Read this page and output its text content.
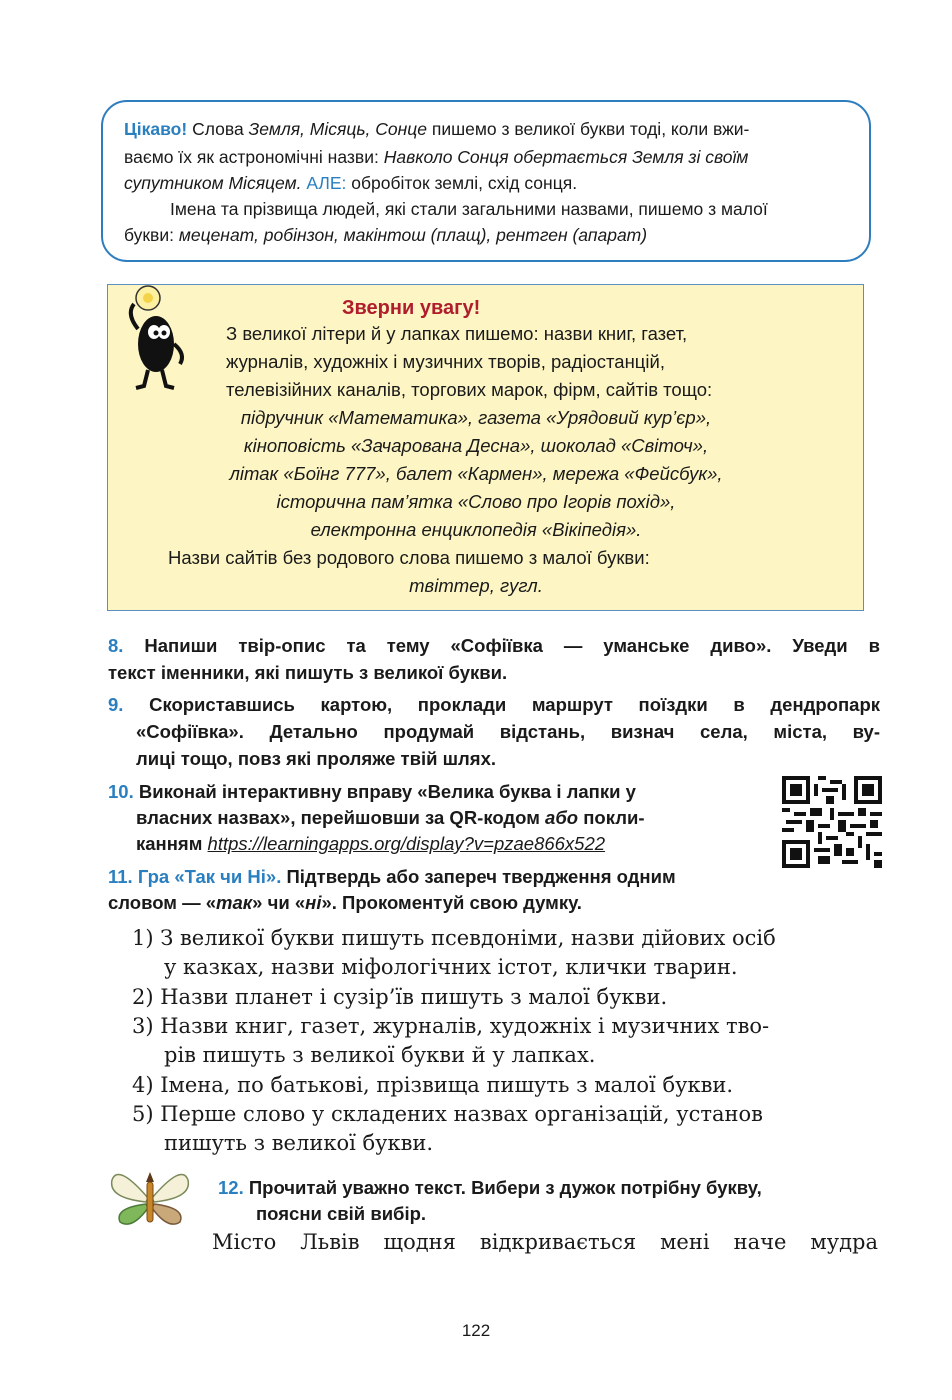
Цікаво! Слова Земля, Місяць, Сонце пишемо з великої букви тоді, коли вжи-
ваємо їх як астрономічні назви: Навколо Сонця обертається Земля зі своїм
супутником Місяцем. АЛЕ: обробіток землі, схід сонця.
Імена та прізвища людей, які стали загальними назвами, пишемо з малої
букви: меценат, робінзон, макінтош (плащ), рентген (апарат)
Зверни увагу!
З великої літери й у лапках пишемо: назви книг, газет,
журналів, художніх і музичних творів, радіостанцій,
телевізійних каналів, торгових марок, фірм, сайтів тощо:
підручник «Математика», газета «Урядовий кур’єр»,
кіноповість «Зачарована Десна», шоколад «Світоч»,
літак «Боїнг 777», балет «Кармен», мережа «Фейсбук»,
історична пам’ятка «Слово про Ігорів похід»,
електронна енциклопедія «Вікіпедія».
Назви сайтів без родового слова пишемо з малої букви:
твіттер, гугл.
8. Напиши твір-опис та тему «Софіївка — уманське диво». Уведи в
текст іменники, які пишуть з великої букви.
9. Скориставшись картою, проклади маршрут поїздки в дендропарк
«Софіївка». Детально продумай відстань, визнач села, міста, ву-
лиці тощо, повз які проляже твій шлях.
10. Виконай інтерактивну вправу «Велика буква і лапки у
власних назвах», перейшовши за QR-кодом або покли-
канням https://learningapps.org/display?v=pzae866x522
11. Гра «Так чи Ні». Підтвердь або запереч твердження одним
словом — «так» чи «ні». Прокоментуй свою думку.
1) З великої букви пишуть псевдоніми, назви дійових осіб
у казках, назви міфологічних істот, клички тварин.
2) Назви планет і сузір’їв пишуть з малої букви.
3) Назви книг, газет, журналів, художніх і музичних тво-
рів пишуть з великої букви й у лапках.
4) Імена, по батькові, прізвища пишуть з малої букви.
5) Перше слово у складених назвах організацій, установ
пишуть з великої букви.
12. Прочитай уважно текст. Вибери з дужок потрібну букву,
поясни свій вибір.
Місто Львів щодня відкривається мені наче мудра
122
